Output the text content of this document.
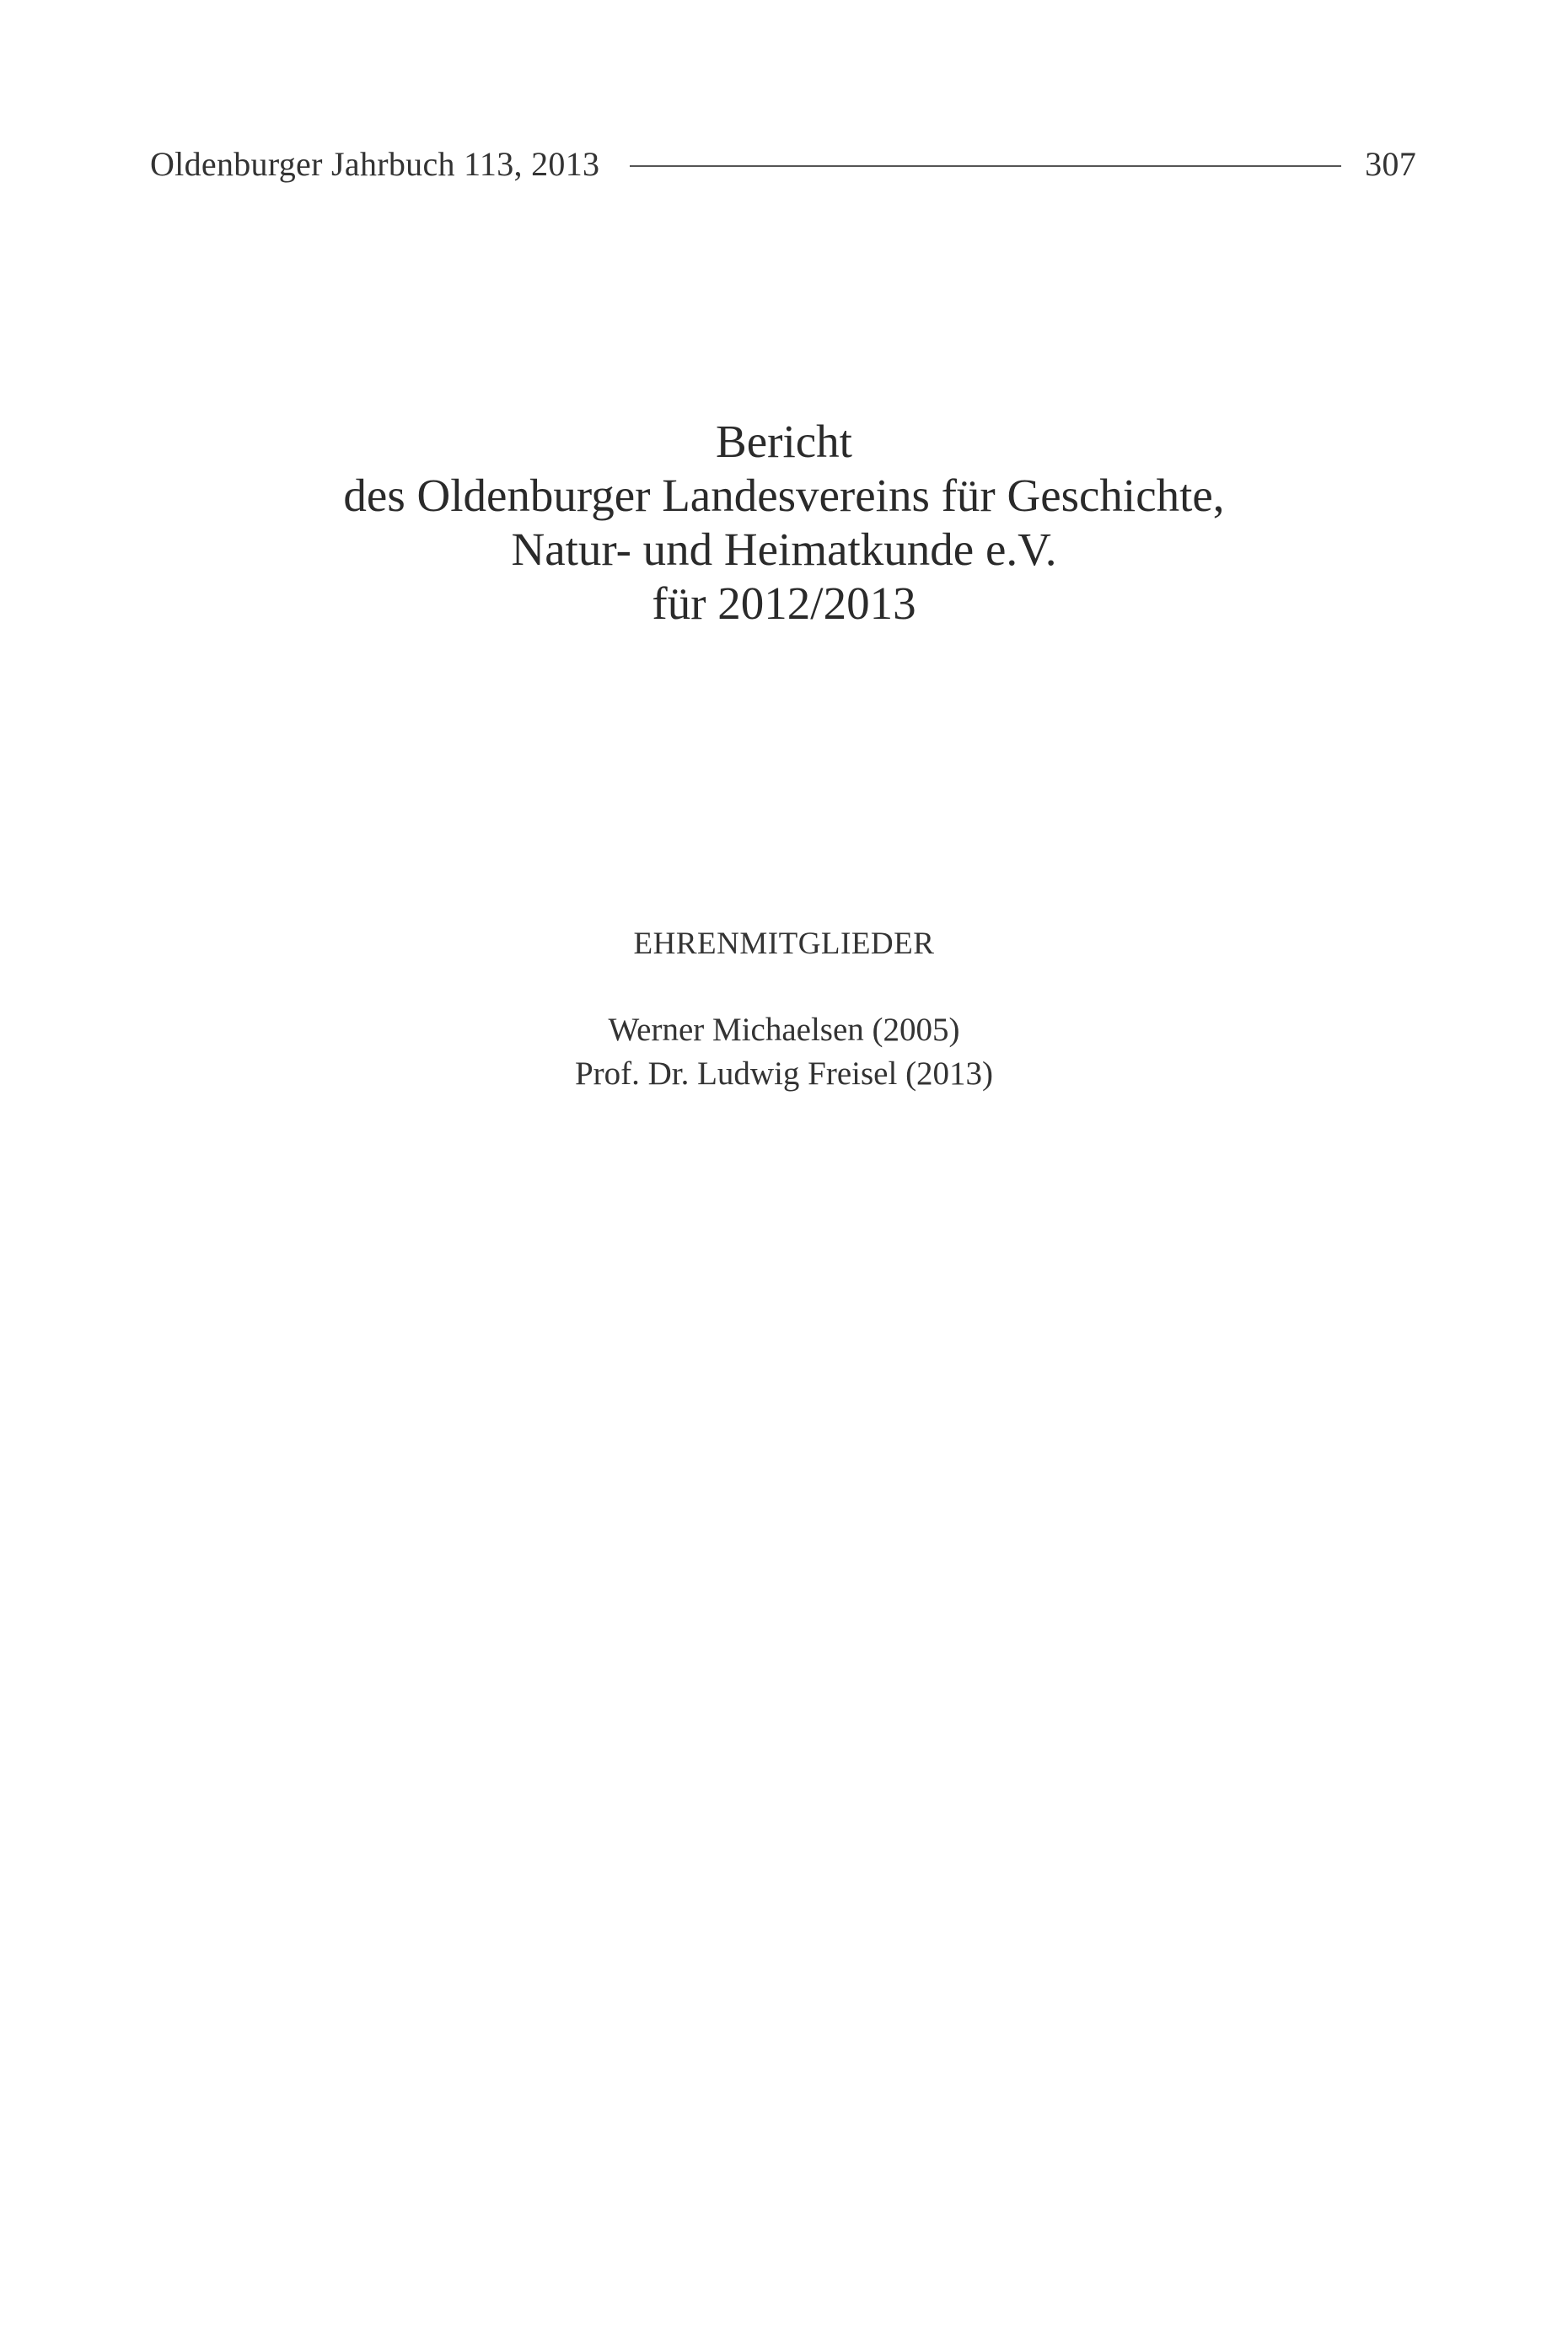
Oldenburger Jahrbuch 113, 2013	307
Bericht
des Oldenburger Landesvereins für Geschichte,
Natur- und Heimatkunde e.V.
für 2012/2013
EHRENMITGLIEDER
Werner Michaelsen (2005)
Prof. Dr. Ludwig Freisel (2013)
